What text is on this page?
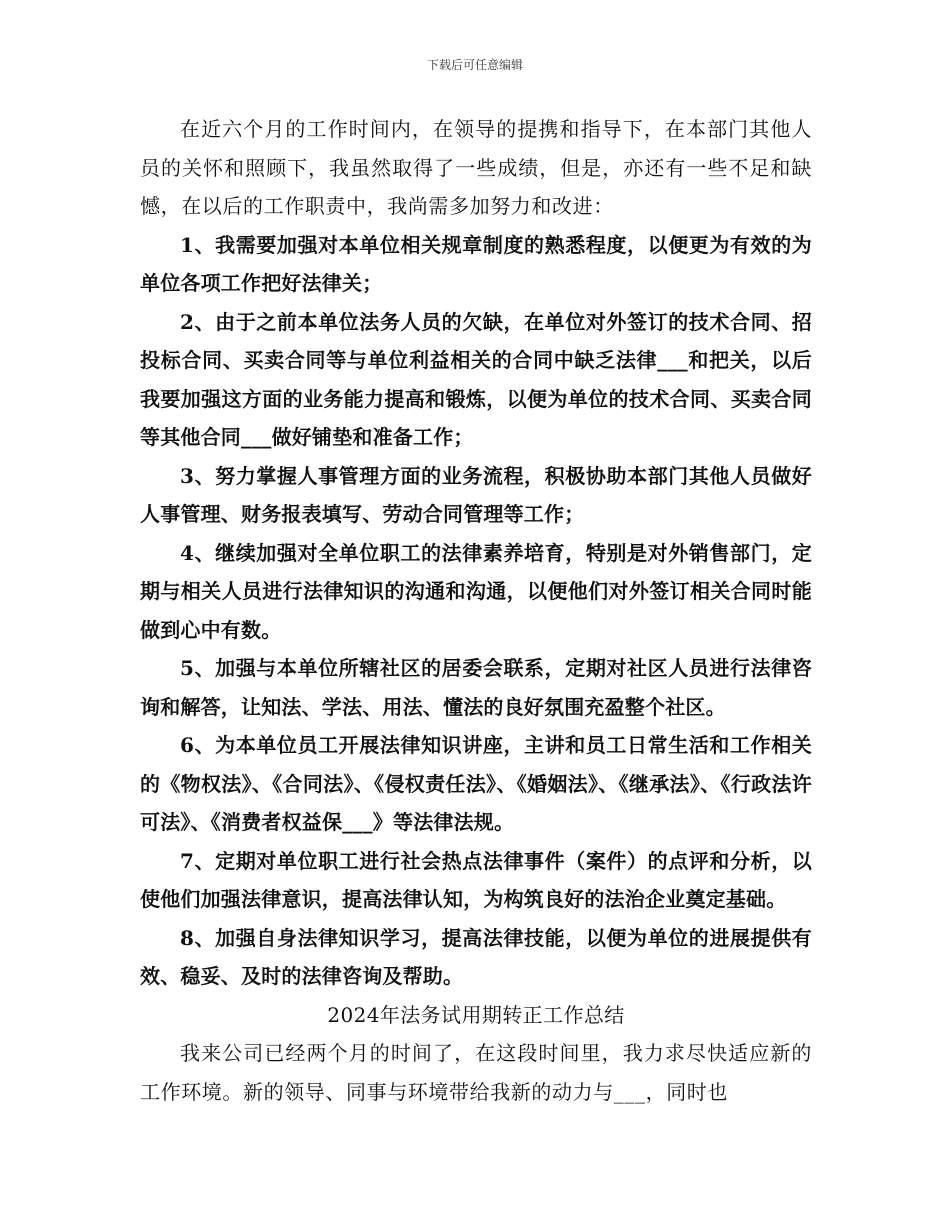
下载后可任意编辑

在近六个月的工作时间内，在领导的提携和指导下，在本部门其他人员的关怀和照顾下，我虽然取得了一些成绩，但是，亦还有一些不足和缺憾，在以后的工作职责中，我尚需多加努力和改进：

1、我需要加强对本单位相关规章制度的熟悉程度，以便更为有效的为单位各项工作把好法律关；

2、由于之前本单位法务人员的欠缺，在单位对外签订的技术合同、招投标合同、买卖合同等与单位利益相关的合同中缺乏法律___和把关，以后我要加强这方面的业务能力提高和锻炼，以便为单位的技术合同、买卖合同等其他合同___做好铺垫和准备工作；

3、努力掌握人事管理方面的业务流程，积极协助本部门其他人员做好人事管理、财务报表填写、劳动合同管理等工作；

4、继续加强对全单位职工的法律素养培育，特别是对外销售部门，定期与相关人员进行法律知识的沟通和沟通，以便他们对外签订相关合同时能做到心中有数。

5、加强与本单位所辖社区的居委会联系，定期对社区人员进行法律咨询和解答，让知法、学法、用法、懂法的良好氛围充盈整个社区。

6、为本单位员工开展法律知识讲座，主讲和员工日常生活和工作相关的《物权法》、《合同法》、《侵权责任法》、《婚姻法》、《继承法》、《行政法许可法》、《消费者权益保___》等法律法规。

7、定期对单位职工进行社会热点法律事件（案件）的点评和分析，以使他们加强法律意识，提高法律认知，为构筑良好的法治企业奠定基础。

8、加强自身法律知识学习，提高法律技能，以便为单位的进展提供有效、稳妥、及时的法律咨询及帮助。

2024年法务试用期转正工作总结

我来公司已经两个月的时间了，在这段时间里，我力求尽快适应新的工作环境。新的领导、同事与环境带给我新的动力与___，同时也
